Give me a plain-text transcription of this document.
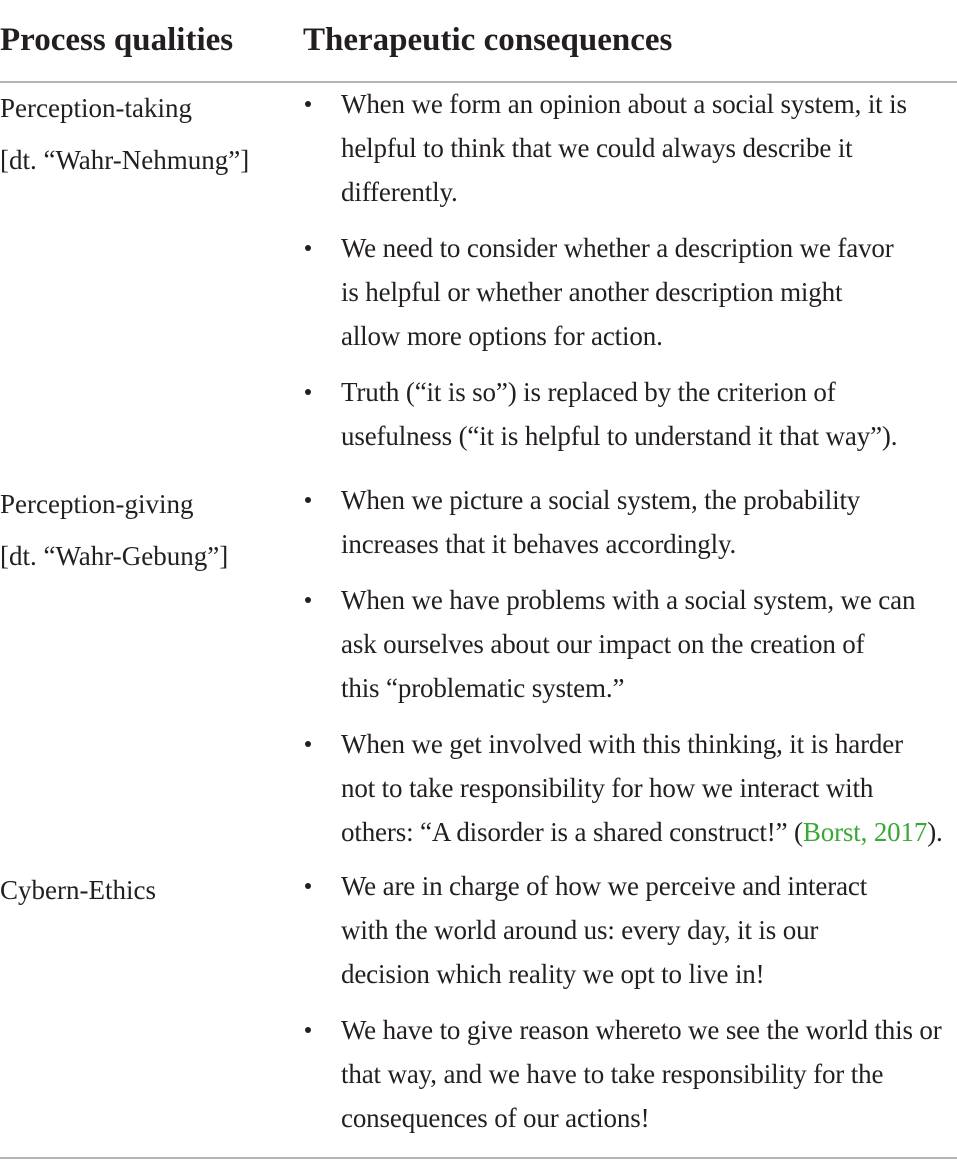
Process qualities Therapeutic consequences
Perception-taking
[dt. “Wahr-Nehmung”]
When we form an opinion about a social system, it is
helpful to think that we could always describe it
differently.
We need to consider whether a description we favor
is helpful or whether another description might
allow more options for action.
Truth (“it is so”) is replaced by the criterion of
usefulness (“it is helpful to understand it that way”).
Perception-giving
[dt. “Wahr-Gebung”]
When we picture a social system, the probability
increases that it behaves accordingly.
When we have problems with a social system, we can
ask ourselves about our impact on the creation of
this “problematic system.”
When we get involved with this thinking, it is harder
not to take responsibility for how we interact with
others: “A disorder is a shared construct!” (Borst, 2017).
Cybern-Ethics	We are in charge of how we perceive and interact
with the world around us: every day, it is our
decision which reality we opt to live in!
We have to give reason whereto we see the world this or
that way, and we have to take responsibility for the
consequences of our actions!
